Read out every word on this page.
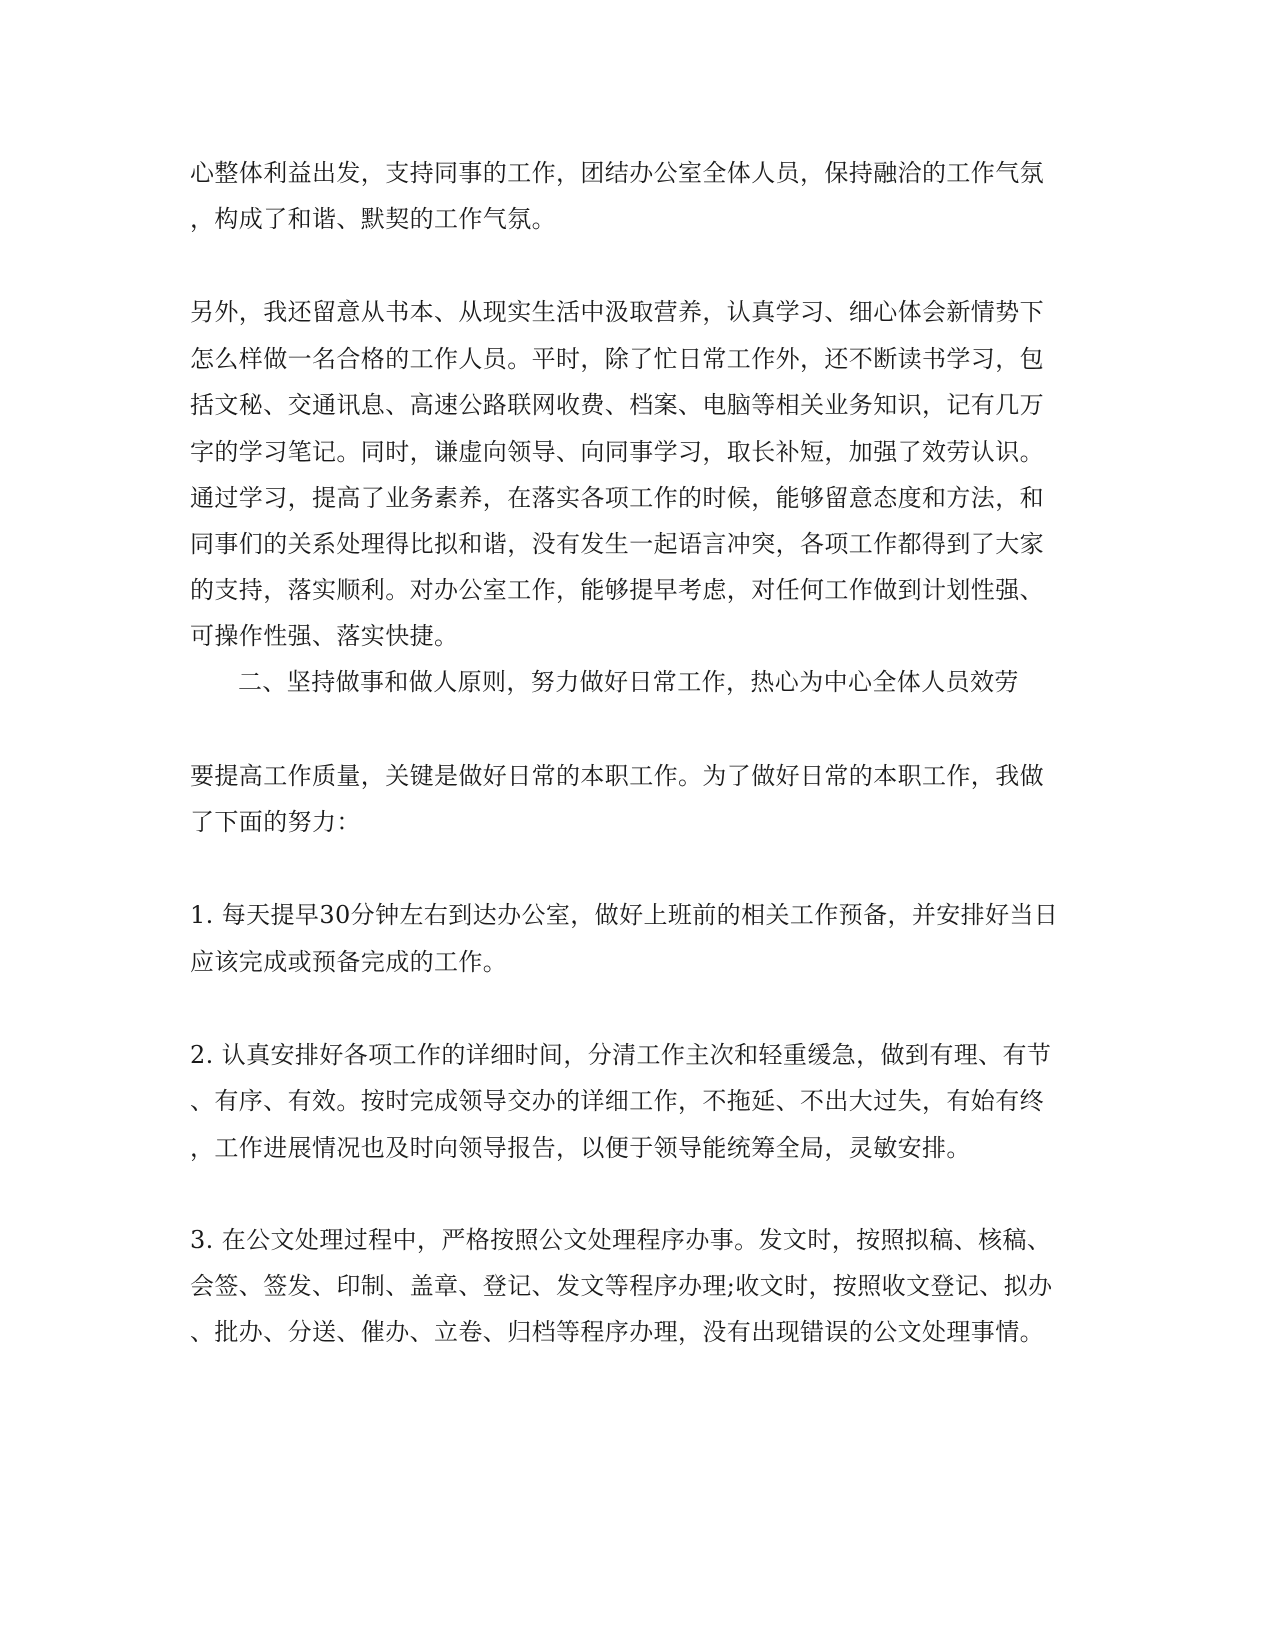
心整体利益出发，支持同事的工作，团结办公室全体人员，保持融洽的工作气氛
，构成了和谐、默契的工作气氛。
另外，我还留意从书本、从现实生活中汲取营养，认真学习、细心体会新情势下
怎么样做一名合格的工作人员。平时，除了忙日常工作外，还不断读书学习，包
括文秘、交通讯息、高速公路联网收费、档案、电脑等相关业务知识，记有几万
字的学习笔记。同时，谦虚向领导、向同事学习，取长补短，加强了效劳认识。
通过学习，提高了业务素养，在落实各项工作的时候，能够留意态度和方法，和
同事们的关系处理得比拟和谐，没有发生一起语言冲突，各项工作都得到了大家
的支持，落实顺利。对办公室工作，能够提早考虑，对任何工作做到计划性强、
可操作性强、落实快捷。
二、坚持做事和做人原则，努力做好日常工作，热心为中心全体人员效劳
要提高工作质量，关键是做好日常的本职工作。为了做好日常的本职工作，我做
了下面的努力：
1. 每天提早30分钟左右到达办公室，做好上班前的相关工作预备，并安排好当日
应该完成或预备完成的工作。
2. 认真安排好各项工作的详细时间，分清工作主次和轻重缓急，做到有理、有节
、有序、有效。按时完成领导交办的详细工作，不拖延、不出大过失，有始有终
，工作进展情况也及时向领导报告，以便于领导能统筹全局，灵敏安排。
3. 在公文处理过程中，严格按照公文处理程序办事。发文时，按照拟稿、核稿、
会签、签发、印制、盖章、登记、发文等程序办理;收文时，按照收文登记、拟办
、批办、分送、催办、立卷、归档等程序办理，没有出现错误的公文处理事情。
